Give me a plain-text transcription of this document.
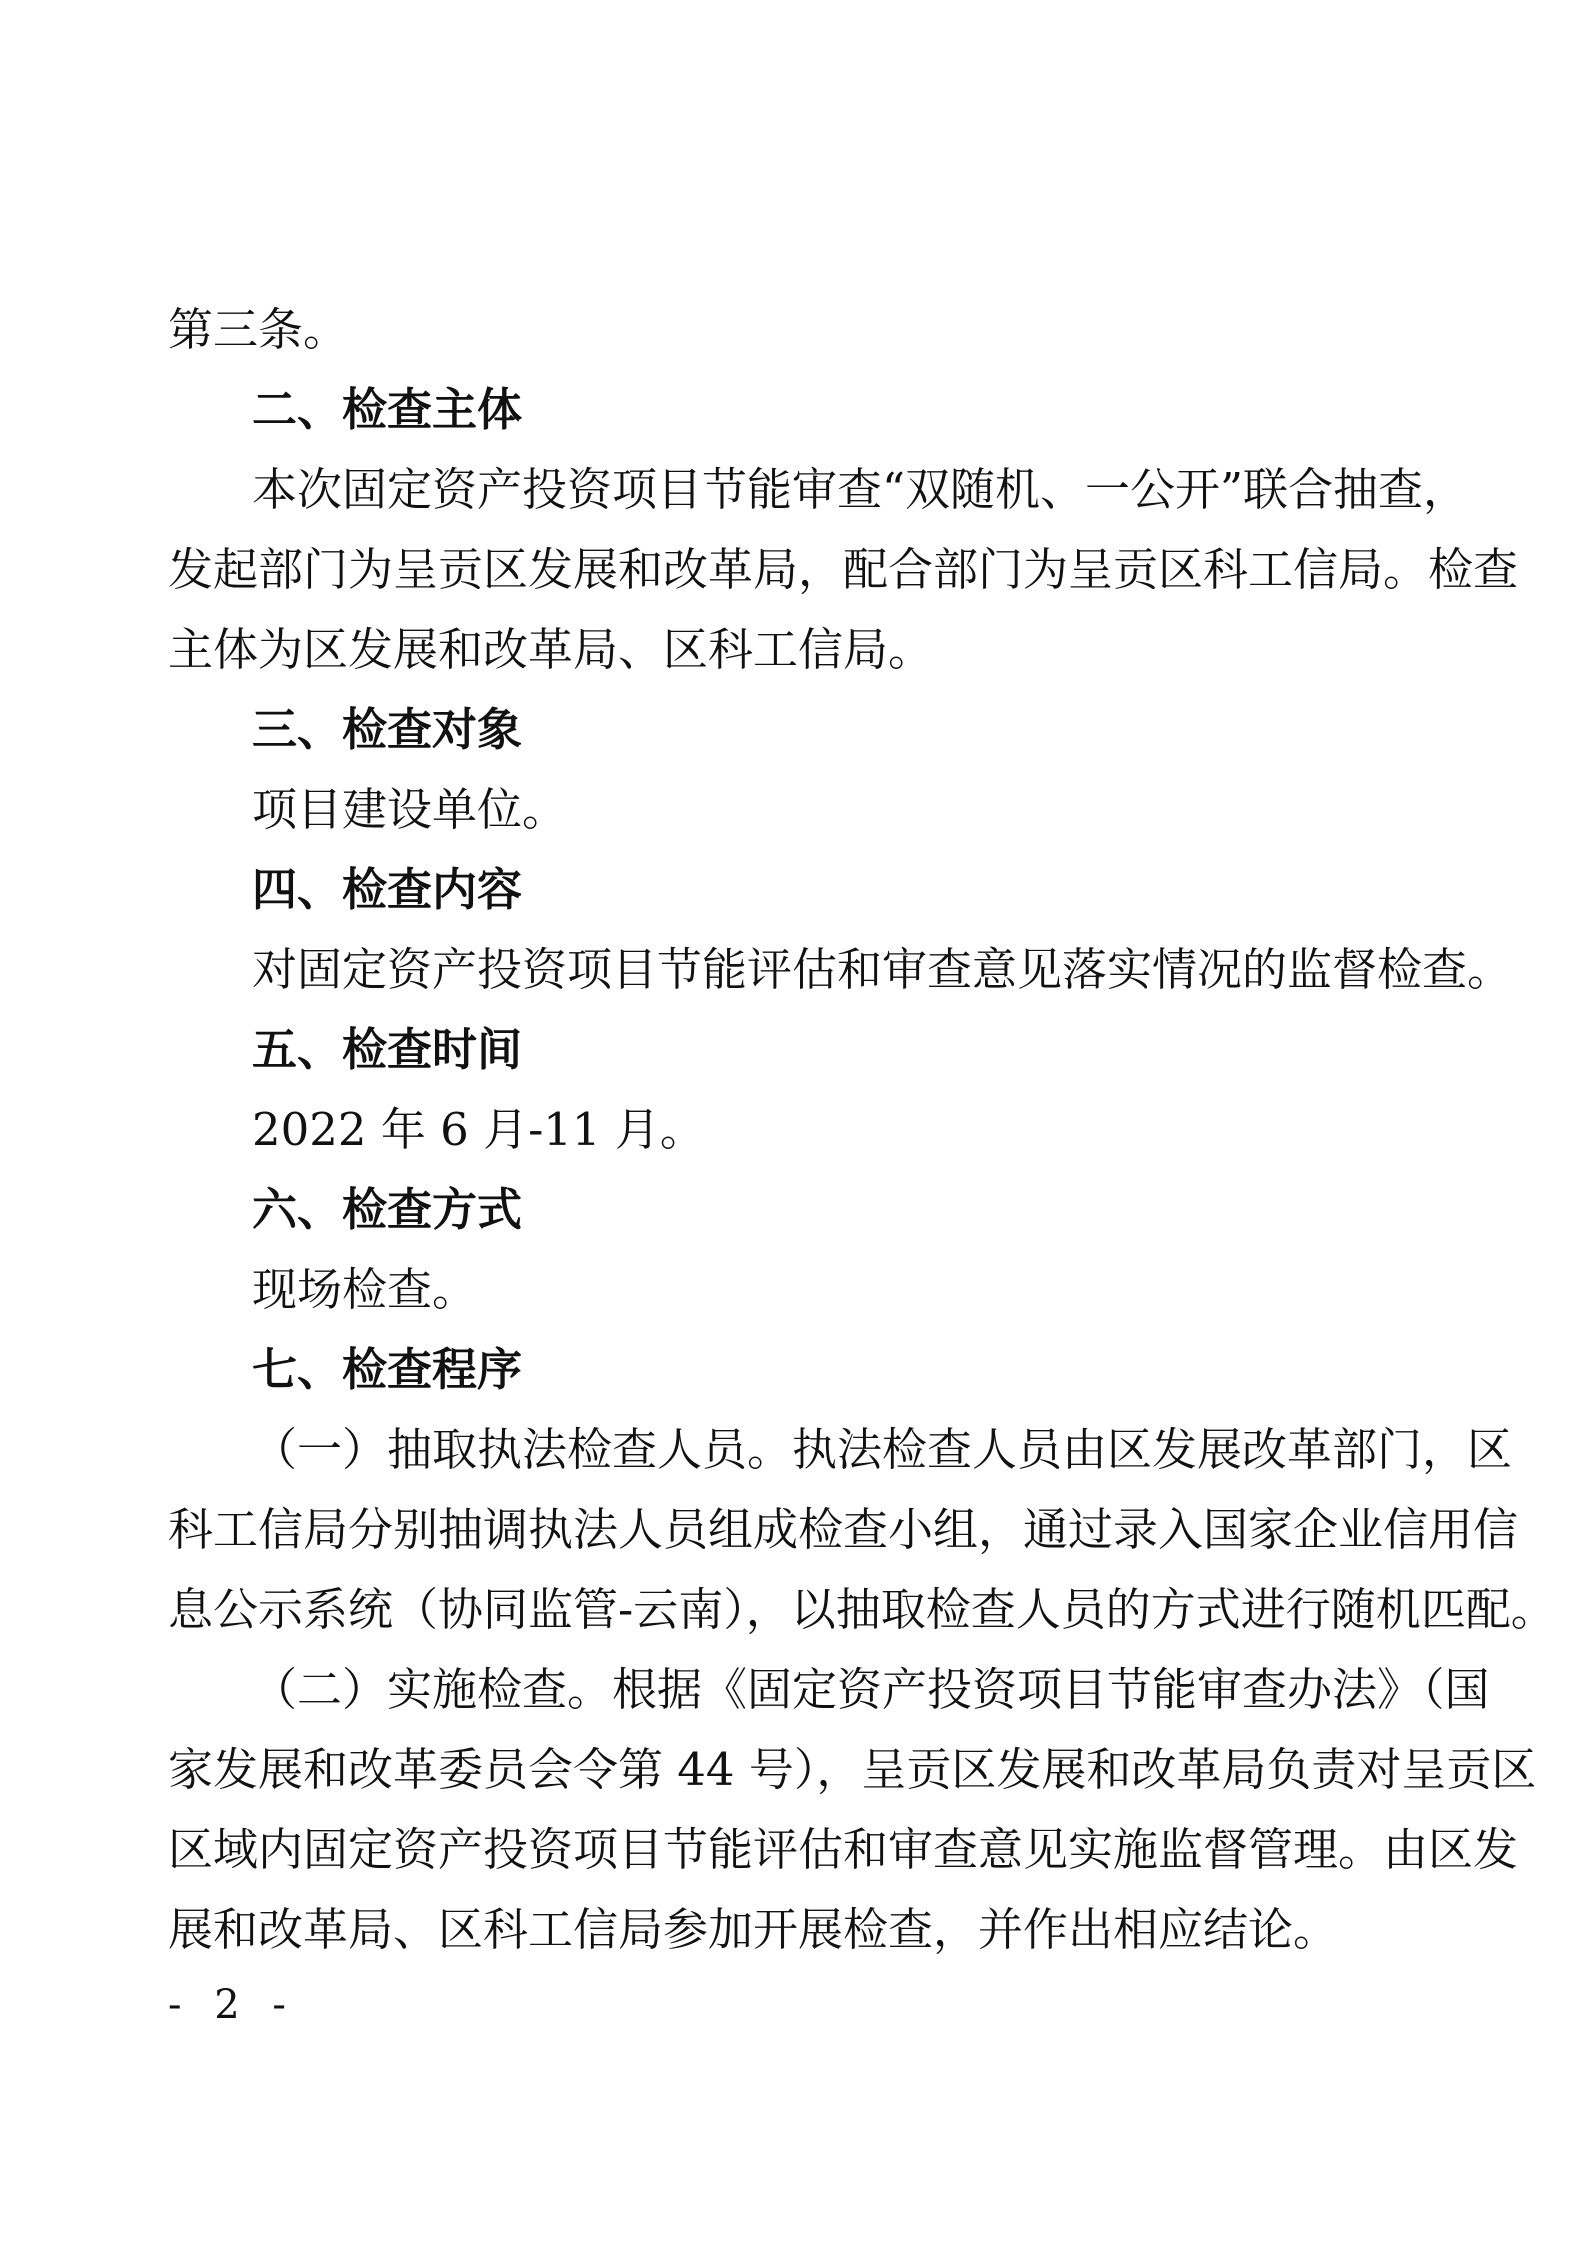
第三条。
二、检查主体
本次固定资产投资项目节能审查“双随机、一公开”联合抽查，
发起部门为呈贡区发展和改革局，配合部门为呈贡区科工信局。检查
主体为区发展和改革局、区科工信局。
三、检查对象
项目建设单位。
四、检查内容
对固定资产投资项目节能评估和审查意见落实情况的监督检查。
五、检查时间
2022 年 6 月-11 月。
六、检查方式
现场检查。
七、检查程序
（一）抽取执法检查人员。执法检查人员由区发展改革部门，区
科工信局分别抽调执法人员组成检查小组，通过录入国家企业信用信
息公示系统（协同监管-云南），以抽取检查人员的方式进行随机匹配。
（二）实施检查。根据《固定资产投资项目节能审查办法》（国
家发展和改革委员会令第 44 号），呈贡区发展和改革局负责对呈贡区
区域内固定资产投资项目节能评估和审查意见实施监督管理。由区发
展和改革局、区科工信局参加开展检查，并作出相应结论。
- 2 -
